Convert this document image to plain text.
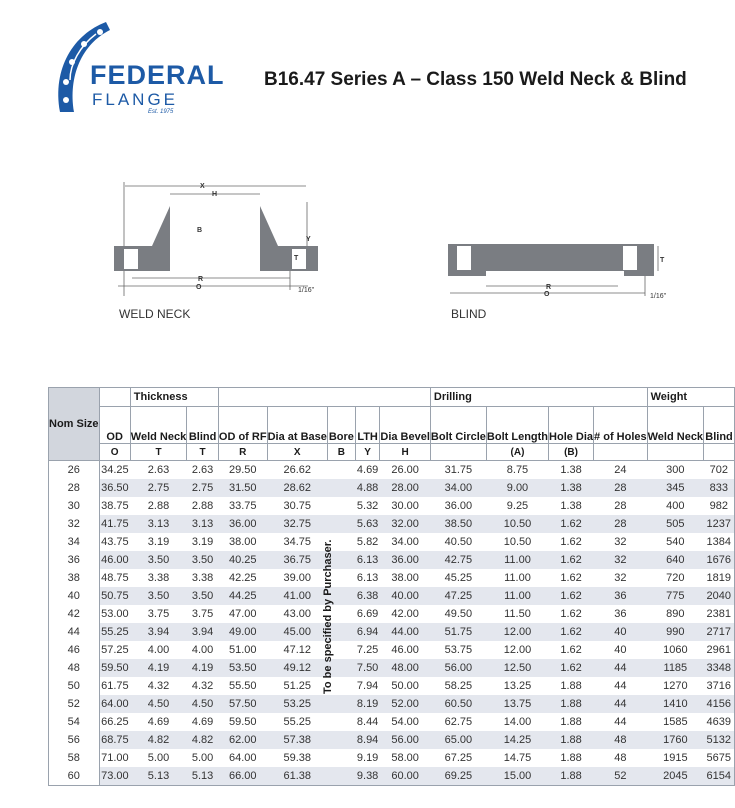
FEDERAL
FLANGE
Est. 1975
B16.47 Series A – Class 150 Weld Neck & Blind
X
H
B
Y
T
R
O	1/16"
WELD NECK
T
R
O	1/16"
BLIND
Nom Size		Thickness							Drilling				Weight	
	OD	Weld Neck	Blind	OD of RF	Dia at Base	Bore	LTH	Dia Bevel	Bolt Circle	Bolt Length	Hole Dia	# of Holes	Weld Neck	Blind
	O	T	T	R	X	B	Y	H		(A)	(B)			
26	34.25	2.63	2.63	29.50	26.62		4.69	26.00	31.75	8.75	1.38	24	300	702
28	36.50	2.75	2.75	31.50	28.62		4.88	28.00	34.00	9.00	1.38	28	345	833
30	38.75	2.88	2.88	33.75	30.75		5.32	30.00	36.00	9.25	1.38	28	400	982
32	41.75	3.13	3.13	36.00	32.75		5.63	32.00	38.50	10.50	1.62	28	505	1237
34	43.75	3.19	3.19	38.00	34.75		5.82	34.00	40.50	10.50	1.62	32	540	1384
36	46.00	3.50	3.50	40.25	36.75		6.13	36.00	42.75	11.00	1.62	32	640	1676
38	48.75	3.38	3.38	42.25	39.00		6.13	38.00	45.25	11.00	1.62	32	720	1819
40	50.75	3.50	3.50	44.25	41.00		6.38	40.00	47.25	11.00	1.62	36	775	2040
42	53.00	3.75	3.75	47.00	43.00		6.69	42.00	49.50	11.50	1.62	36	890	2381
44	55.25	3.94	3.94	49.00	45.00		6.94	44.00	51.75	12.00	1.62	40	990	2717
46	57.25	4.00	4.00	51.00	47.12		7.25	46.00	53.75	12.00	1.62	40	1060	2961
48	59.50	4.19	4.19	53.50	49.12		7.50	48.00	56.00	12.50	1.62	44	1185	3348
50	61.75	4.32	4.32	55.50	51.25		7.94	50.00	58.25	13.25	1.88	44	1270	3716
52	64.00	4.50	4.50	57.50	53.25		8.19	52.00	60.50	13.75	1.88	44	1410	4156
54	66.25	4.69	4.69	59.50	55.25		8.44	54.00	62.75	14.00	1.88	44	1585	4639
56	68.75	4.82	4.82	62.00	57.38		8.94	56.00	65.00	14.25	1.88	48	1760	5132
58	71.00	5.00	5.00	64.00	59.38		9.19	58.00	67.25	14.75	1.88	48	1915	5675
60	73.00	5.13	5.13	66.00	61.38		9.38	60.00	69.25	15.00	1.88	52	2045	6154
To be specified by Purchaser.
